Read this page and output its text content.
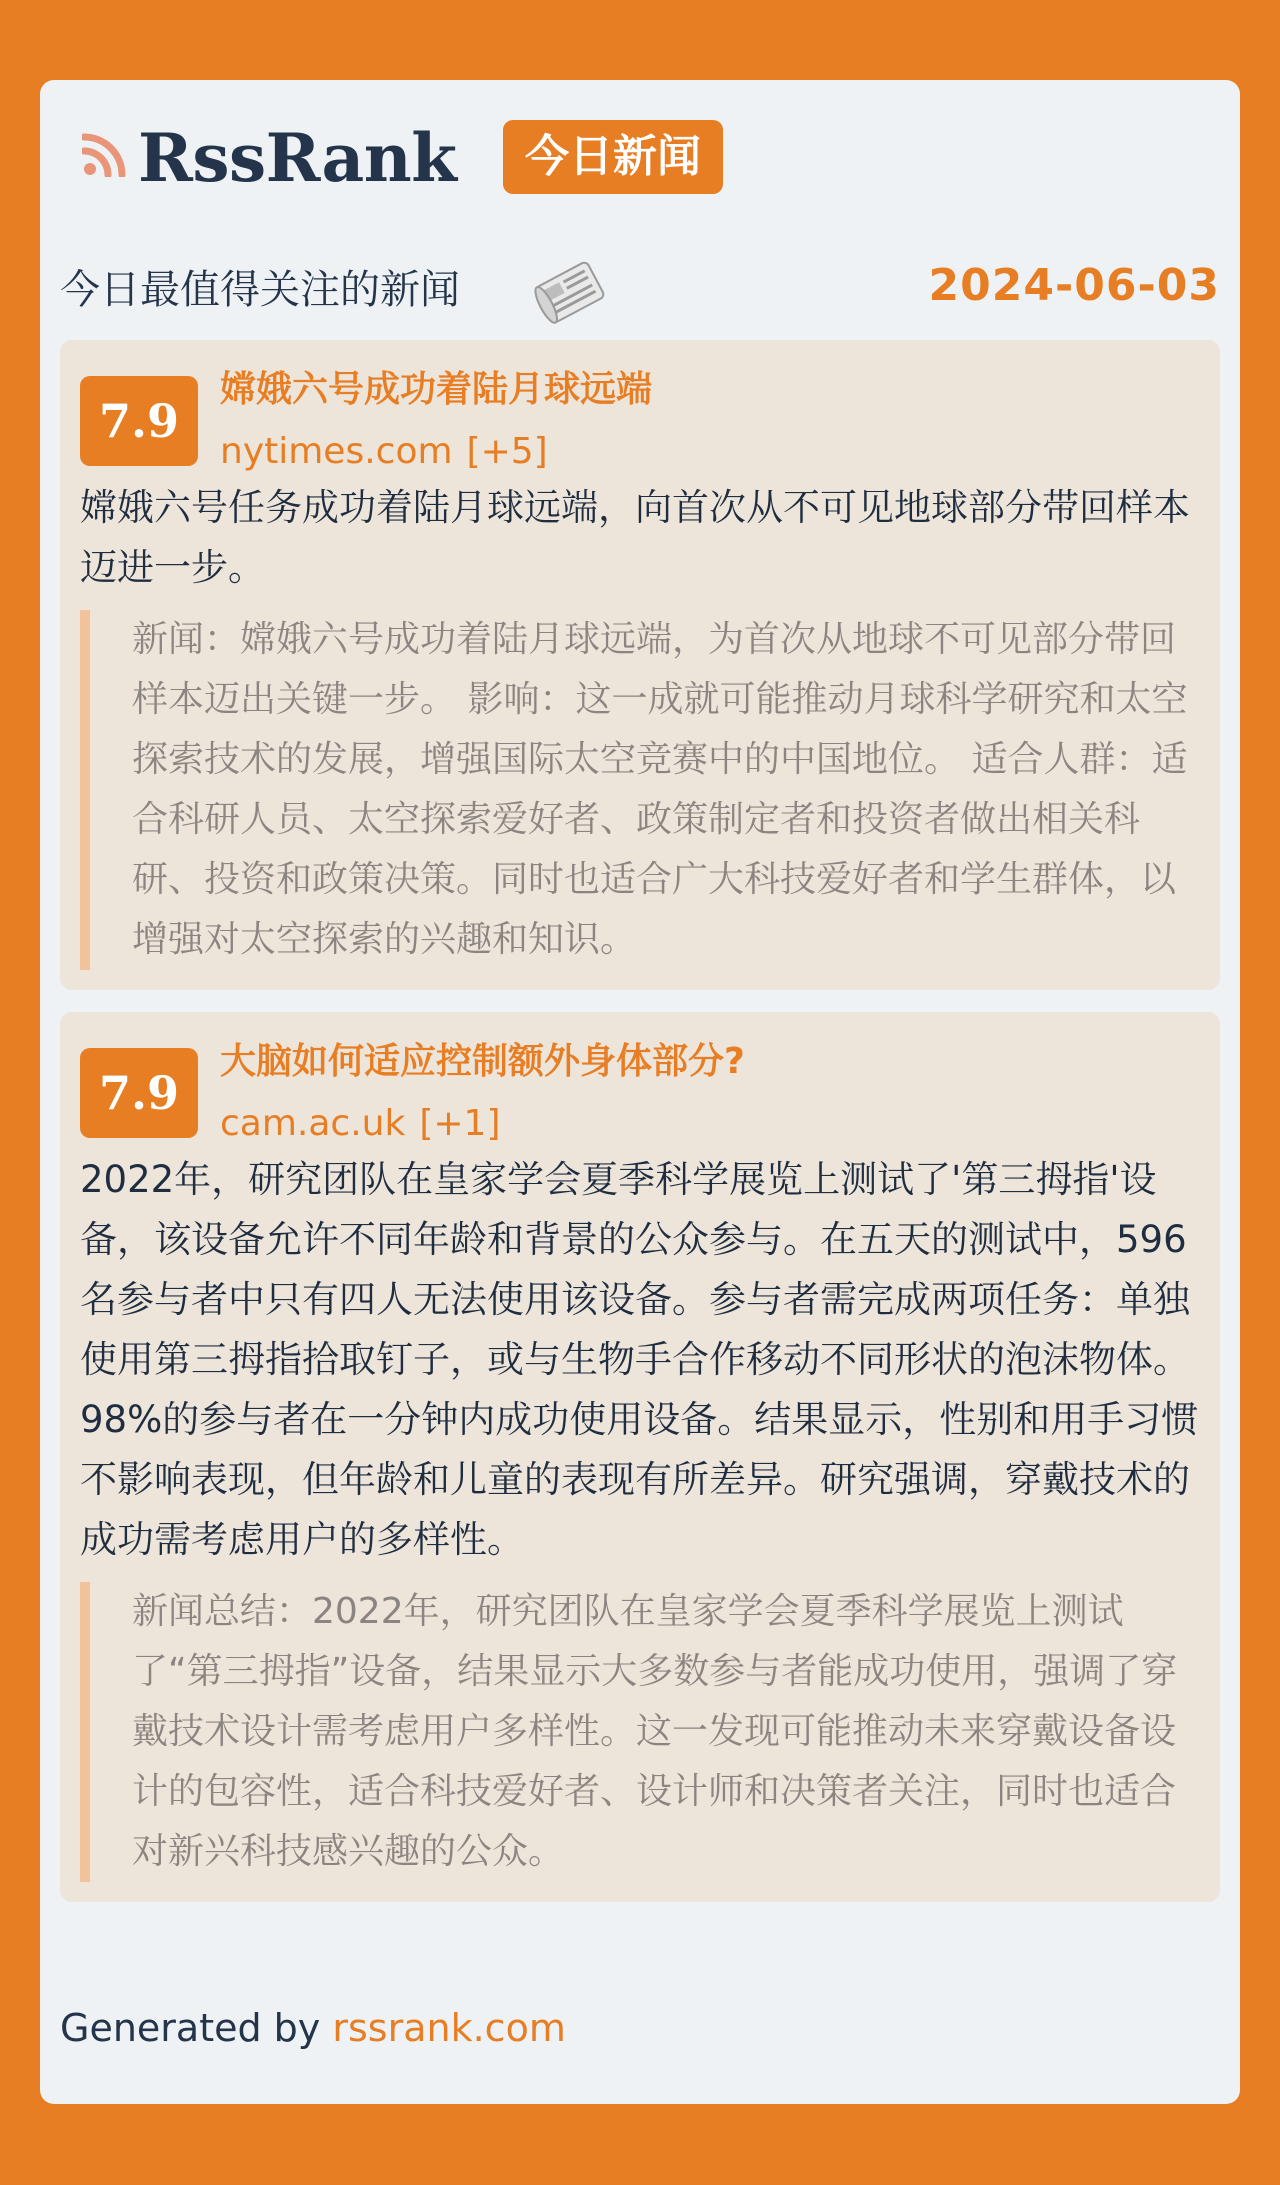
RssRank	今日新闻
今日最值得关注的新闻	2024-06-03
7.9
嫦娥六号成功着陆月球远端
nytimes.com [+5]
嫦娥六号任务成功着陆月球远端，向首次从不可见地球部分带回样本迈进一步。
新闻：嫦娥六号成功着陆月球远端，为首次从地球不可见部分带回样本迈出关键一步。 影响：这一成就可能推动月球科学研究和太空探索技术的发展，增强国际太空竞赛中的中国地位。 适合人群：适合科研人员、太空探索爱好者、政策制定者和投资者做出相关科研、投资和政策决策。同时也适合广大科技爱好者和学生群体，以增强对太空探索的兴趣和知识。
7.9
大脑如何适应控制额外身体部分?
cam.ac.uk [+1]
2022年，研究团队在皇家学会夏季科学展览上测试了'第三拇指'设备，该设备允许不同年龄和背景的公众参与。在五天的测试中，596名参与者中只有四人无法使用该设备。参与者需完成两项任务：单独使用第三拇指拾取钉子，或与生物手合作移动不同形状的泡沫物体。98%的参与者在一分钟内成功使用设备。结果显示，性别和用手习惯不影响表现，但年龄和儿童的表现有所差异。研究强调，穿戴技术的成功需考虑用户的多样性。
新闻总结：2022年，研究团队在皇家学会夏季科学展览上测试了“第三拇指”设备，结果显示大多数参与者能成功使用，强调了穿戴技术设计需考虑用户多样性。这一发现可能推动未来穿戴设备设计的包容性，适合科技爱好者、设计师和决策者关注，同时也适合对新兴科技感兴趣的公众。
Generated by rssrank.com
